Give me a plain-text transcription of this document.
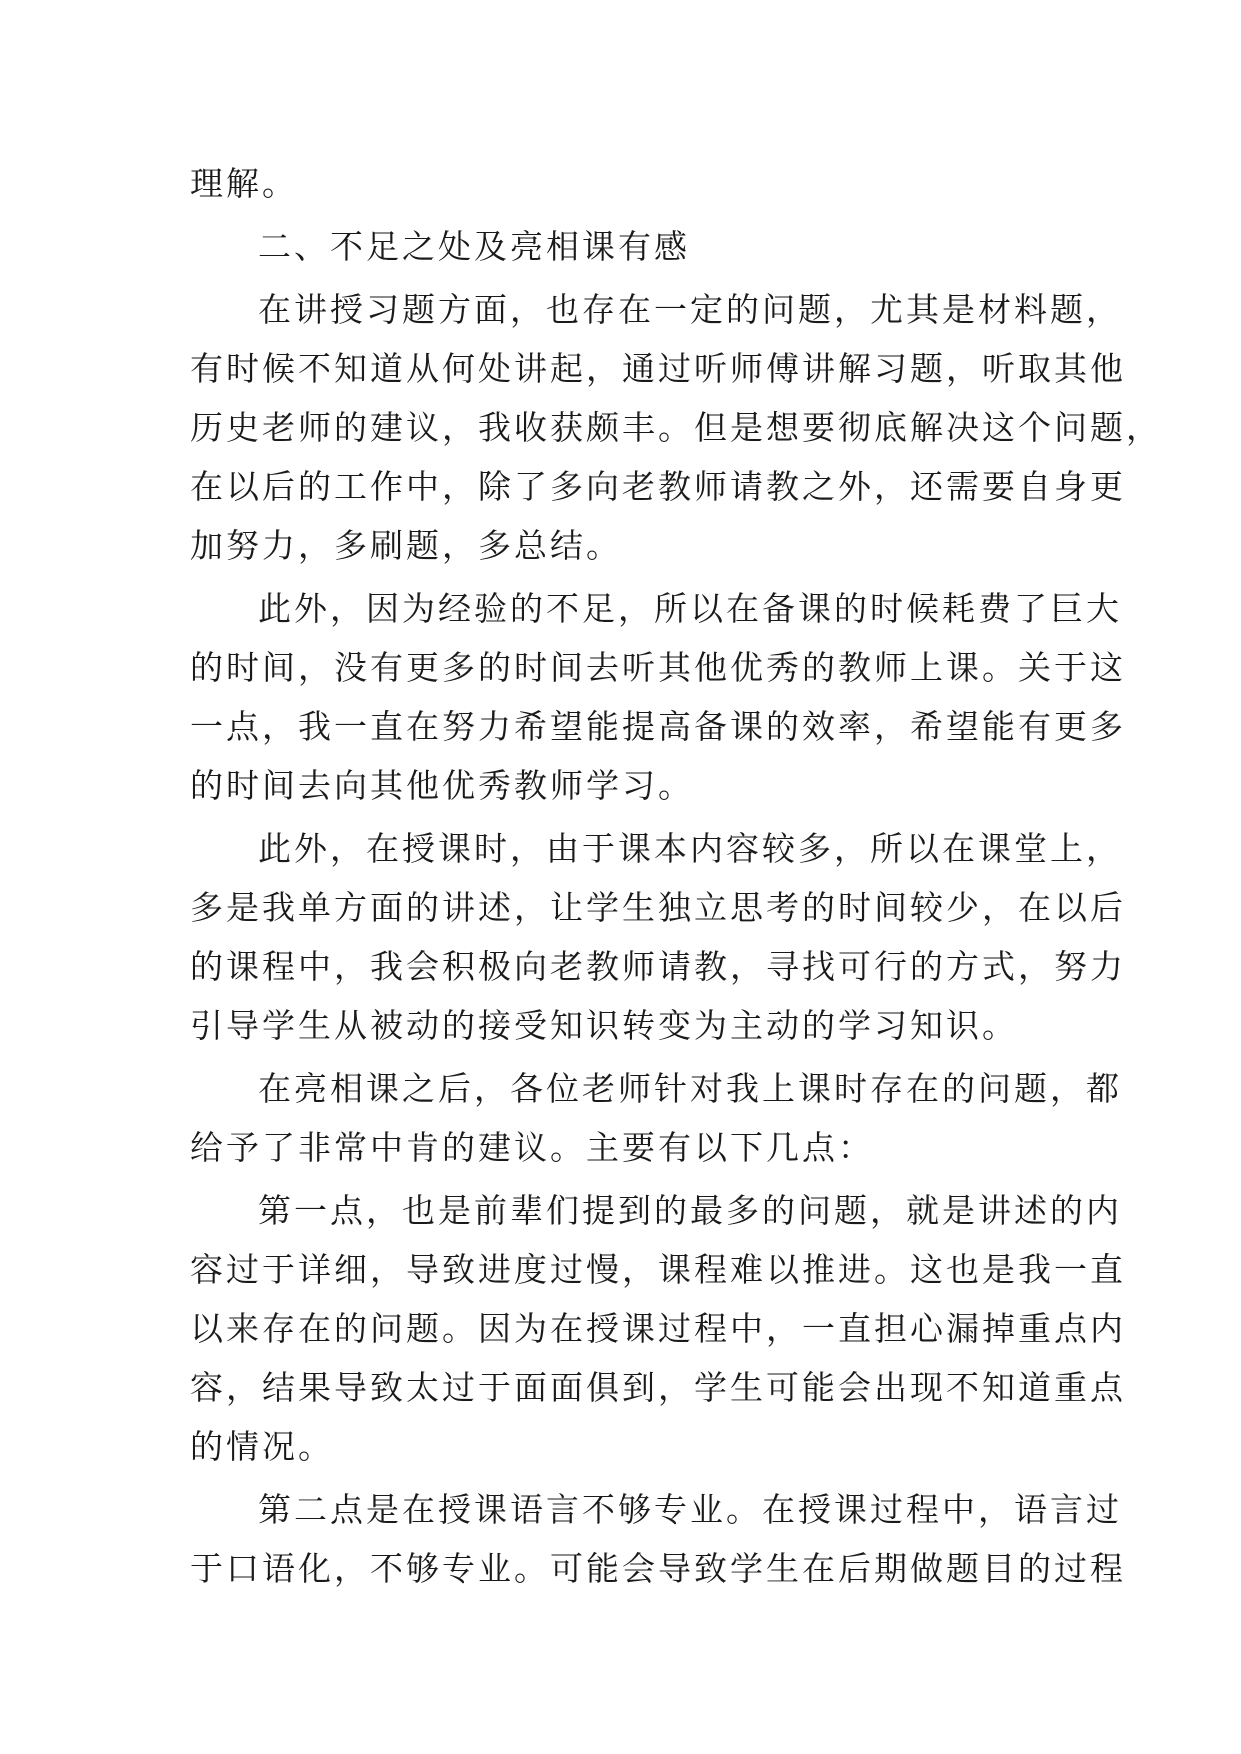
理解。
二、不足之处及亮相课有感
在讲授习题方面，也存在一定的问题，尤其是材料题，
有时候不知道从何处讲起，通过听师傅讲解习题，听取其他
历史老师的建议，我收获颇丰。但是想要彻底解决这个问题，
在以后的工作中，除了多向老教师请教之外，还需要自身更
加努力，多刷题，多总结。
此外，因为经验的不足，所以在备课的时候耗费了巨大
的时间，没有更多的时间去听其他优秀的教师上课。关于这
一点，我一直在努力希望能提高备课的效率，希望能有更多
的时间去向其他优秀教师学习。
此外，在授课时，由于课本内容较多，所以在课堂上，
多是我单方面的讲述，让学生独立思考的时间较少，在以后
的课程中，我会积极向老教师请教，寻找可行的方式，努力
引导学生从被动的接受知识转变为主动的学习知识。
在亮相课之后，各位老师针对我上课时存在的问题，都
给予了非常中肯的建议。主要有以下几点：
第一点，也是前辈们提到的最多的问题，就是讲述的内
容过于详细，导致进度过慢，课程难以推进。这也是我一直
以来存在的问题。因为在授课过程中，一直担心漏掉重点内
容，结果导致太过于面面俱到，学生可能会出现不知道重点
的情况。
第二点是在授课语言不够专业。在授课过程中，语言过
于口语化，不够专业。可能会导致学生在后期做题目的过程
